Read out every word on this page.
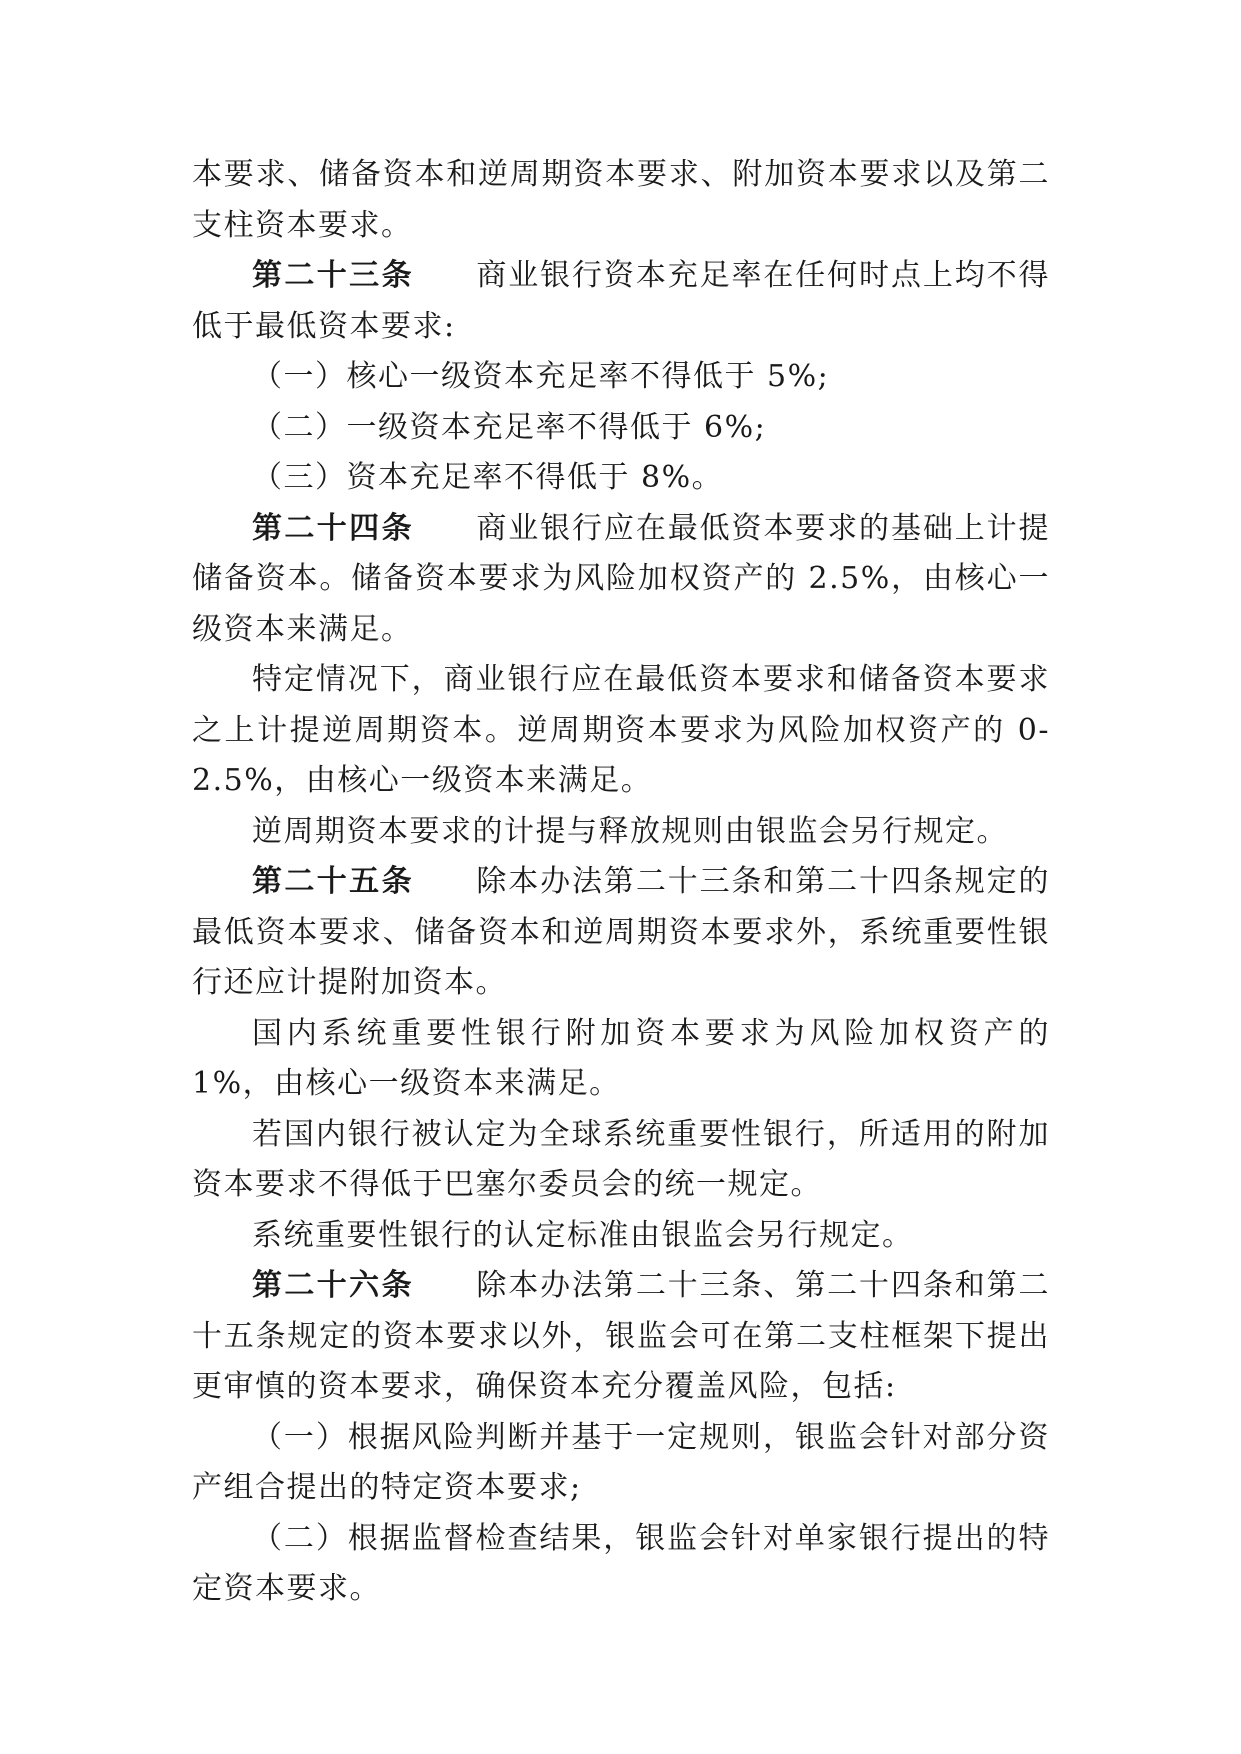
本要求、储备资本和逆周期资本要求、附加资本要求以及第二支柱资本要求。

第二十三条 商业银行资本充足率在任何时点上均不得低于最低资本要求:

（一）核心一级资本充足率不得低于 5%;

（二）一级资本充足率不得低于 6%;

（三）资本充足率不得低于 8%。

第二十四条 商业银行应在最低资本要求的基础上计提储备资本。储备资本要求为风险加权资产的 2.5%，由核心一级资本来满足。

特定情况下，商业银行应在最低资本要求和储备资本要求之上计提逆周期资本。逆周期资本要求为风险加权资产的 0-2.5%，由核心一级资本来满足。

逆周期资本要求的计提与释放规则由银监会另行规定。

第二十五条 除本办法第二十三条和第二十四条规定的最低资本要求、储备资本和逆周期资本要求外，系统重要性银行还应计提附加资本。

国内系统重要性银行附加资本要求为风险加权资产的 1%，由核心一级资本来满足。

若国内银行被认定为全球系统重要性银行，所适用的附加资本要求不得低于巴塞尔委员会的统一规定。

系统重要性银行的认定标准由银监会另行规定。

第二十六条 除本办法第二十三条、第二十四条和第二十五条规定的资本要求以外，银监会可在第二支柱框架下提出更审慎的资本要求，确保资本充分覆盖风险，包括:

（一）根据风险判断并基于一定规则，银监会针对部分资产组合提出的特定资本要求;

（二）根据监督检查结果，银监会针对单家银行提出的特定资本要求。
